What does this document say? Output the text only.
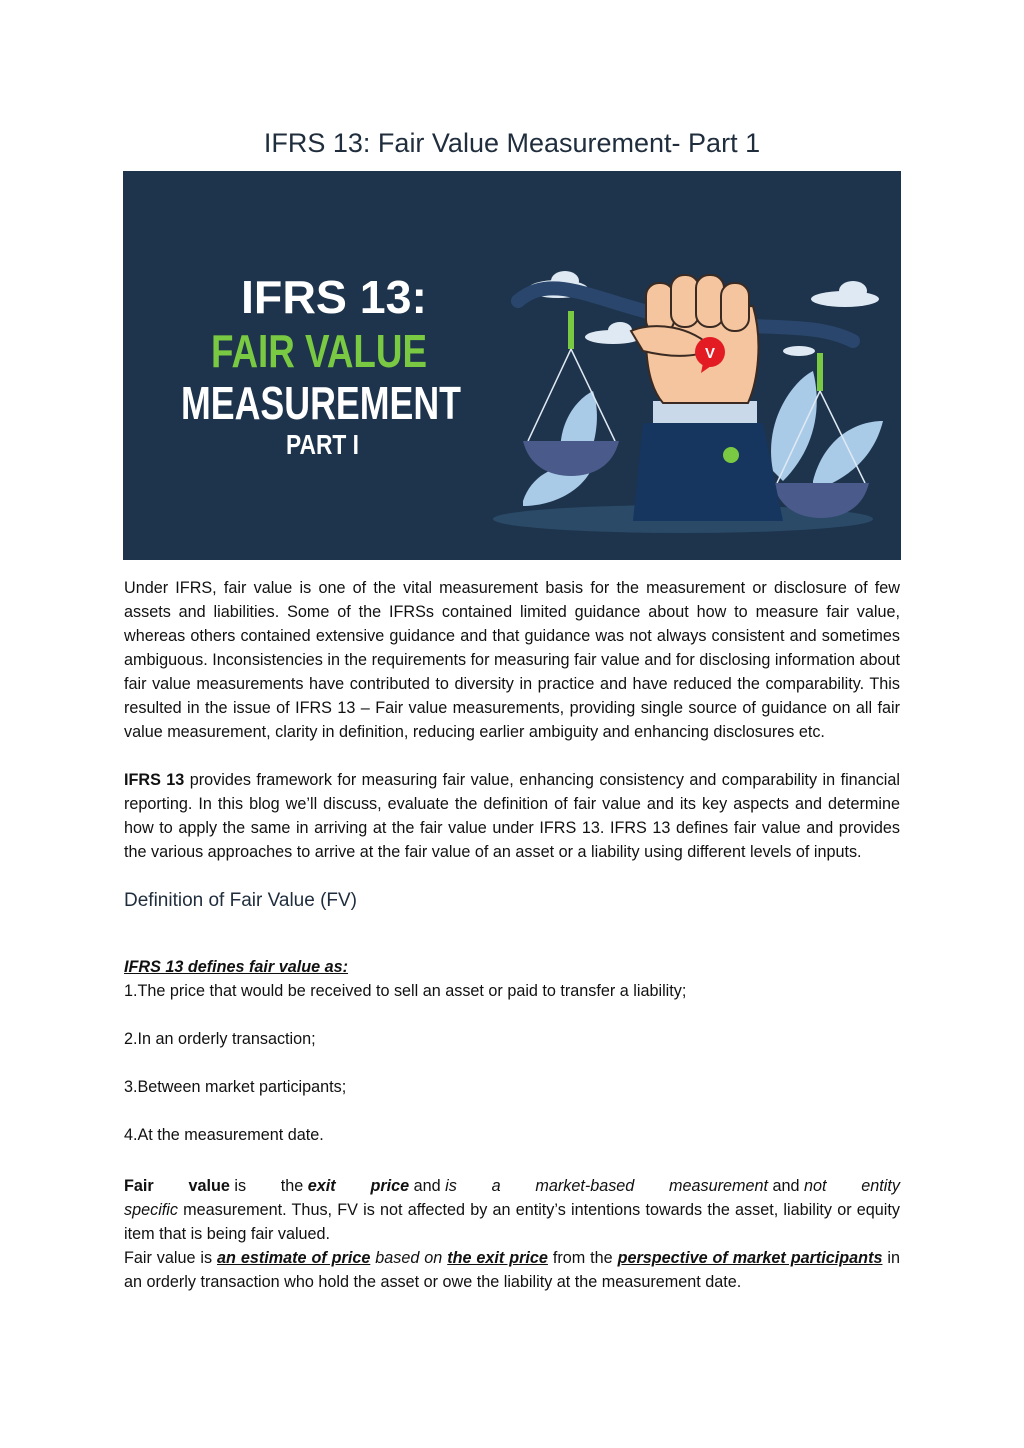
IFRS 13: Fair Value Measurement- Part 1
V
IFRS 13:
FAIR VALUE
MEASUREMENT
PART I
Under IFRS, fair value is one of the vital measurement basis for the measurement or disclosure of few assets and liabilities. Some of the IFRSs contained limited guidance about how to measure fair value, whereas others contained extensive guidance and that guidance was not always consistent and sometimes ambiguous. Inconsistencies in the requirements for measuring fair value and for disclosing information about fair value measurements have contributed to diversity in practice and have reduced the comparability. This resulted in the issue of IFRS 13 – Fair value measurements, providing single source of guidance on all fair value measurement, clarity in definition, reducing earlier ambiguity and enhancing disclosures etc.
IFRS 13 provides framework for measuring fair value, enhancing consistency and comparability in financial reporting. In this blog we’ll discuss, evaluate the definition of fair value and its key aspects and determine how to apply the same in arriving at the fair value under IFRS 13. IFRS 13 defines fair value and provides the various approaches to arrive at the fair value of an asset or a liability using different levels of inputs.
Definition of Fair Value (FV)
IFRS 13 defines fair value as:
1.The price that would be received to sell an asset or paid to transfer a liability;
2.In an orderly transaction;
3.Between market participants;
4.At the measurement date.
Fair value is the exit price and is a market-based measurement and not entity
specific measurement. Thus, FV is not affected by an entity’s intentions towards the asset, liability or equity item that is being fair valued.
Fair value is an estimate of price based on the exit price from the perspective of market participants in an orderly transaction who hold the asset or owe the liability at the measurement date.
